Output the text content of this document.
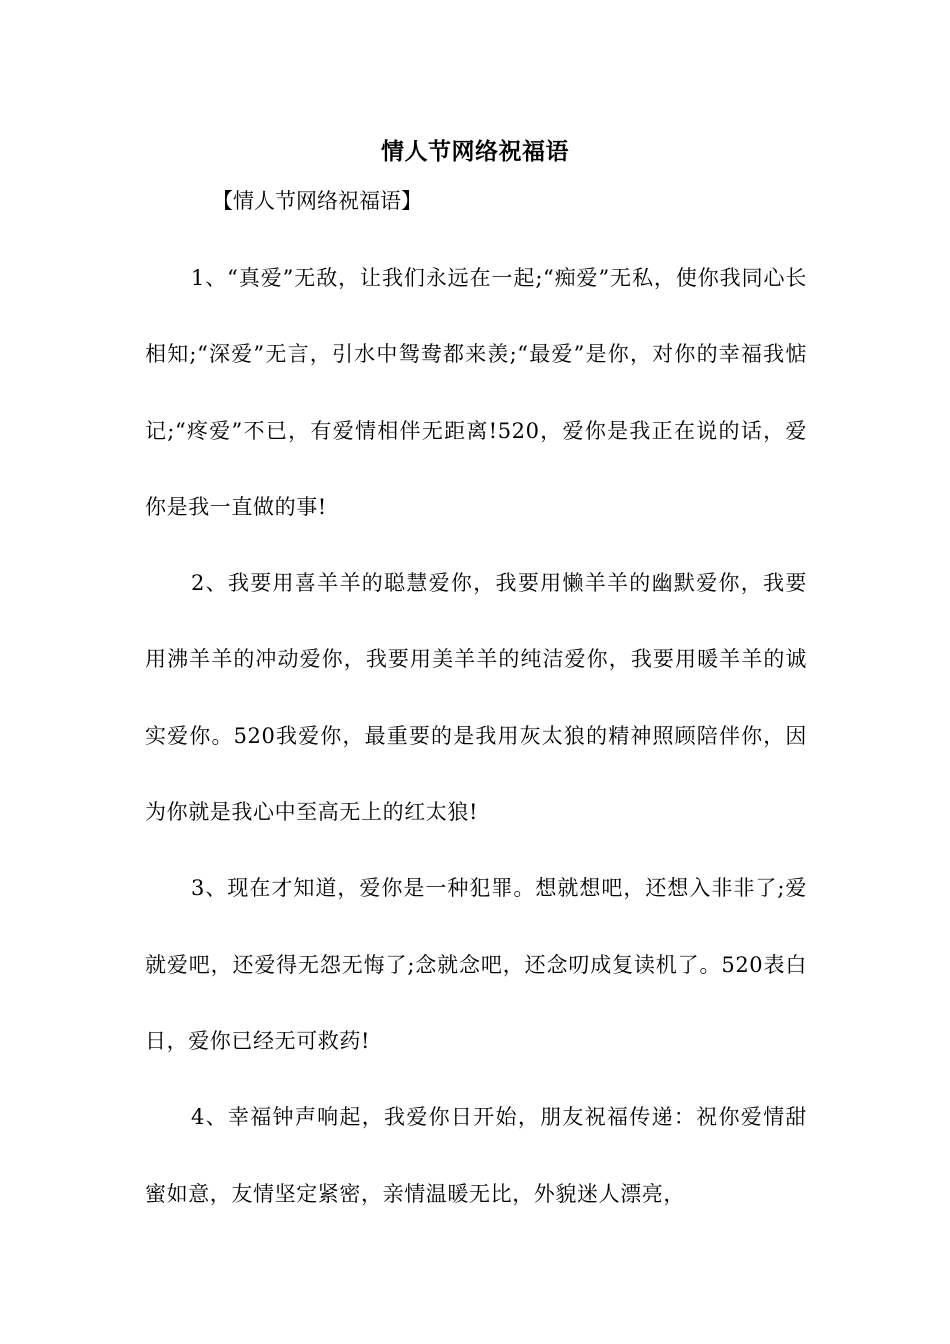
情人节网络祝福语
【情人节网络祝福语】

1、“真爱”无敌，让我们永远在一起;“痴爱”无私，使你我同心长相知;“深爱”无言，引水中鸳鸯都来羡;“最爱”是你，对你的幸福我惦记;“疼爱”不已，有爱情相伴无距离!520，爱你是我正在说的话，爱你是我一直做的事!

2、我要用喜羊羊的聪慧爱你，我要用懒羊羊的幽默爱你，我要用沸羊羊的冲动爱你，我要用美羊羊的纯洁爱你，我要用暖羊羊的诚实爱你。520我爱你，最重要的是我用灰太狼的精神照顾陪伴你，因为你就是我心中至高无上的红太狼!

3、现在才知道，爱你是一种犯罪。想就想吧，还想入非非了;爱就爱吧，还爱得无怨无悔了;念就念吧，还念叨成复读机了。520表白日，爱你已经无可救药!

4、幸福钟声响起，我爱你日开始，朋友祝福传递：祝你爱情甜蜜如意，友情坚定紧密，亲情温暖无比，外貌迷人漂亮，
